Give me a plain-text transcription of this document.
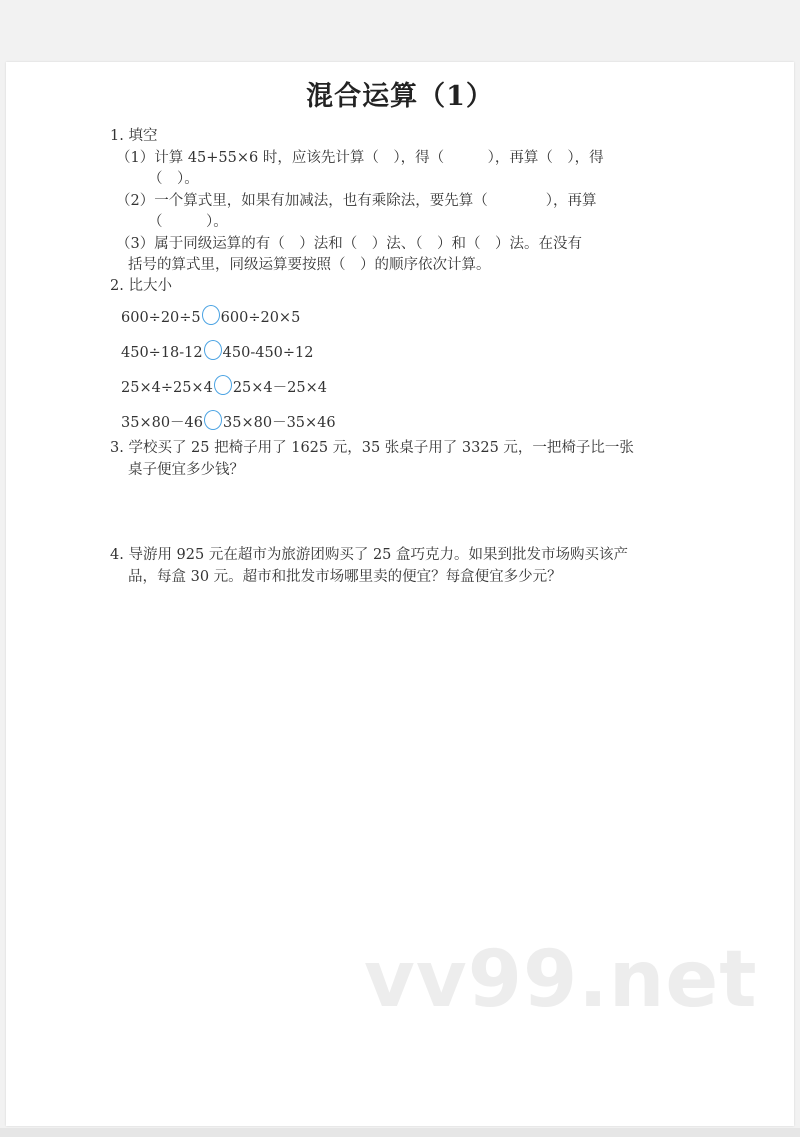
混合运算（1）
1. 填空
（1）计算 45+55×6 时，应该先计算（　），得（　　　），再算（　），得
（　）。
（2）一个算式里，如果有加减法，也有乘除法，要先算（　　　　），再算
（　　　）。
（3）属于同级运算的有（　）法和（　）法、（　）和（　）法。在没有
括号的算式里，同级运算要按照（　）的顺序依次计算。
2. 比大小
600÷20÷5 600÷20×5
450÷18-12 450-450÷12
25×4÷25×4 25×4－25×4
35×80－46 35×80－35×46
3. 学校买了 25 把椅子用了 1625 元，35 张桌子用了 3325 元，一把椅子比一张
桌子便宜多少钱？
4. 导游用 925 元在超市为旅游团购买了 25 盒巧克力。如果到批发市场购买该产
品，每盒 30 元。超市和批发市场哪里卖的便宜？每盒便宜多少元？
vv99.net
